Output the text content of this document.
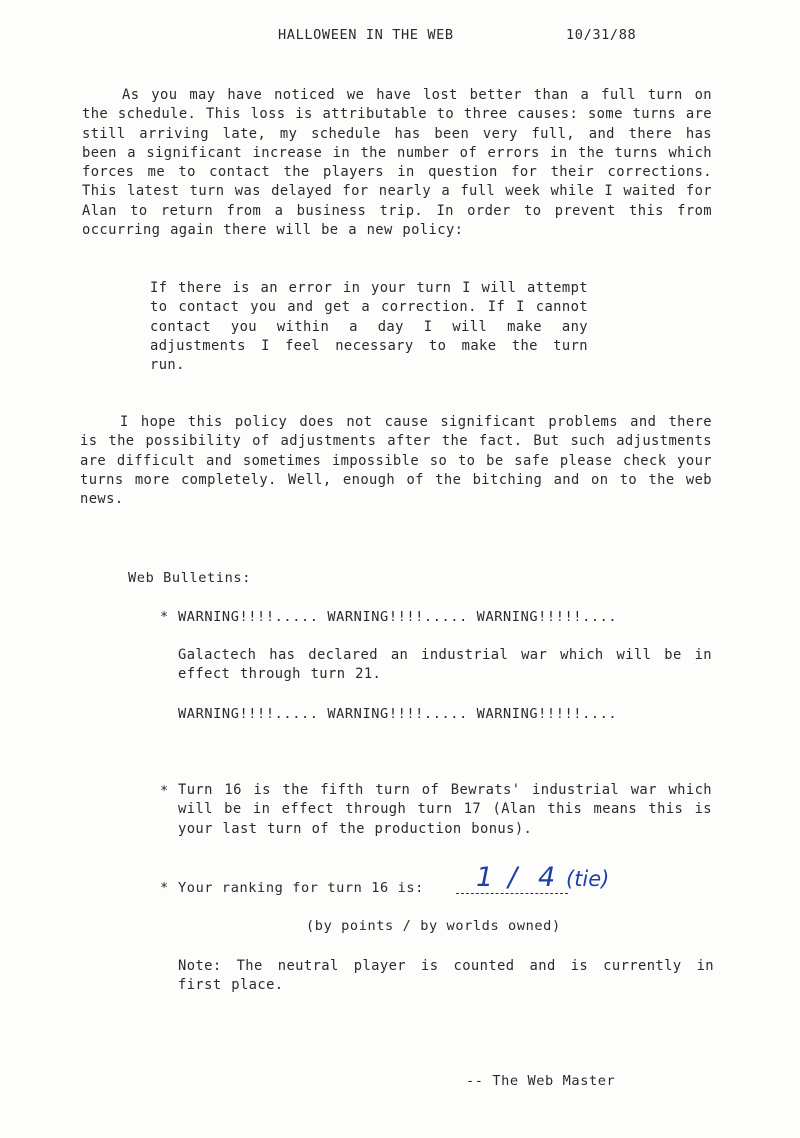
HALLOWEEN IN THE WEB	10/31/88
As you may have noticed we have lost better than a full turn on the schedule. This loss is attributable to three causes: some turns are still arriving late, my schedule has been very full, and there has been a significant increase in the number of errors in the turns which forces me to contact the players in question for their corrections. This latest turn was delayed for nearly a full week while I waited for Alan to return from a business trip. In order to prevent this from occurring again there will be a new policy:
If there is an error in your turn I will attempt to contact you and get a correction. If I cannot contact you within a day I will make any adjustments I feel necessary to make the turn run.
I hope this policy does not cause significant problems and there is the possibility of adjustments after the fact. But such adjustments are difficult and sometimes impossible so to be safe please check your turns more completely. Well, enough of the bitching and on to the web news.
Web Bulletins:
* WARNING!!!!..... WARNING!!!!..... WARNING!!!!!....
Galactech has declared an industrial war which will be in effect through turn 21.
WARNING!!!!..... WARNING!!!!..... WARNING!!!!!....
* Turn 16 is the fifth turn of Bewrats' industrial war which will be in effect through turn 17 (Alan this means this is your last turn of the production bonus).
* Your ranking for turn 16 is: 1 / 4 (tie)
(by points / by worlds owned)
Note: The neutral player is counted and is currently in first place.
-- The Web Master
